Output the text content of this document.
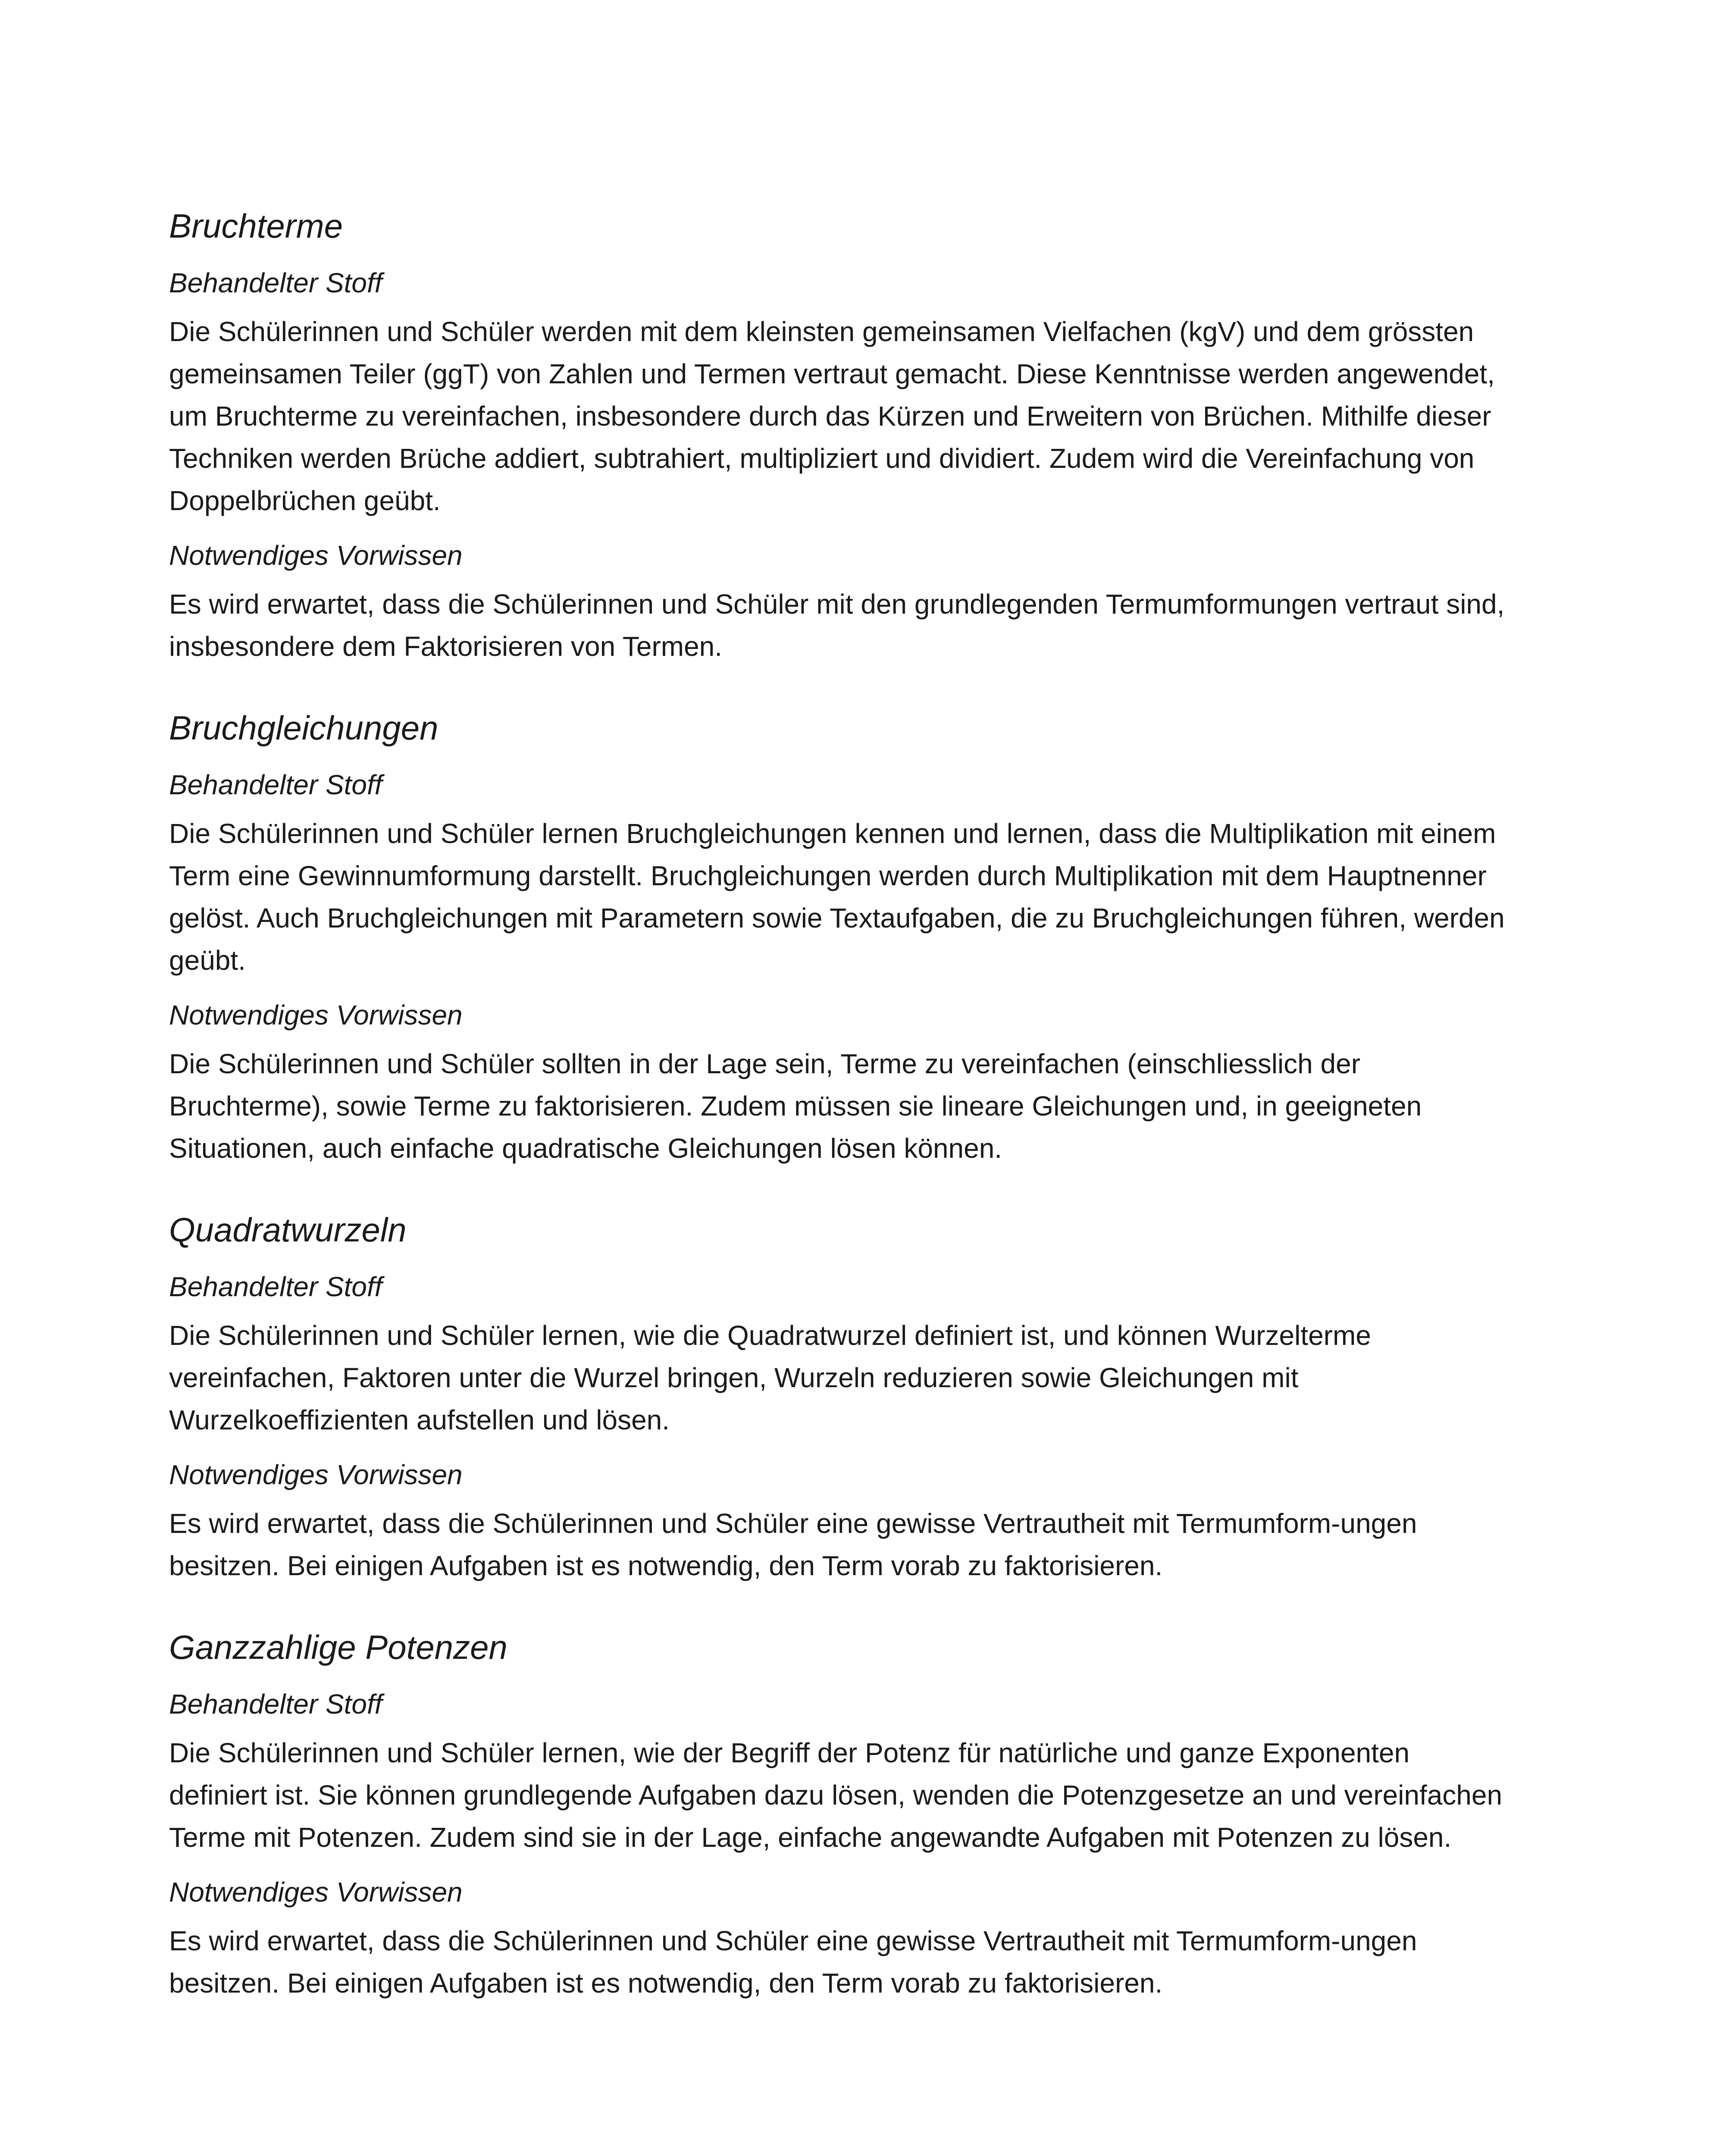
Bruchterme
Behandelter Stoff

Die Schülerinnen und Schüler werden mit dem kleinsten gemeinsamen Vielfachen (kgV) und dem grössten gemeinsamen Teiler (ggT) von Zahlen und Termen vertraut gemacht. Diese Kenntnisse werden angewendet, um Bruchterme zu vereinfachen, insbesondere durch das Kürzen und Erweitern von Brüchen. Mithilfe dieser Techniken werden Brüche addiert, subtrahiert, multipliziert und dividiert. Zudem wird die Vereinfachung von Doppelbrüchen geübt.

Notwendiges Vorwissen

Es wird erwartet, dass die Schülerinnen und Schüler mit den grundlegenden Termumformungen vertraut sind, insbesondere dem Faktorisieren von Termen.

Bruchgleichungen
Behandelter Stoff

Die Schülerinnen und Schüler lernen Bruchgleichungen kennen und lernen, dass die Multiplikation mit einem Term eine Gewinnumformung darstellt. Bruchgleichungen werden durch Multiplikation mit dem Hauptnenner gelöst. Auch Bruchgleichungen mit Parametern sowie Textaufgaben, die zu Bruchgleichungen führen, werden geübt.

Notwendiges Vorwissen

Die Schülerinnen und Schüler sollten in der Lage sein, Terme zu vereinfachen (einschliesslich der Bruchterme), sowie Terme zu faktorisieren. Zudem müssen sie lineare Gleichungen und, in geeigneten Situationen, auch einfache quadratische Gleichungen lösen können.

Quadratwurzeln
Behandelter Stoff

Die Schülerinnen und Schüler lernen, wie die Quadratwurzel definiert ist, und können Wurzelterme vereinfachen, Faktoren unter die Wurzel bringen, Wurzeln reduzieren sowie Gleichungen mit Wurzelkoeffizienten aufstellen und lösen.

Notwendiges Vorwissen

Es wird erwartet, dass die Schülerinnen und Schüler eine gewisse Vertrautheit mit Termumform-ungen besitzen. Bei einigen Aufgaben ist es notwendig, den Term vorab zu faktorisieren.

Ganzzahlige Potenzen
Behandelter Stoff

Die Schülerinnen und Schüler lernen, wie der Begriff der Potenz für natürliche und ganze Exponenten definiert ist. Sie können grundlegende Aufgaben dazu lösen, wenden die Potenzgesetze an und vereinfachen Terme mit Potenzen. Zudem sind sie in der Lage, einfache angewandte Aufgaben mit Potenzen zu lösen.

Notwendiges Vorwissen

Es wird erwartet, dass die Schülerinnen und Schüler eine gewisse Vertrautheit mit Termumform-ungen besitzen. Bei einigen Aufgaben ist es notwendig, den Term vorab zu faktorisieren.
